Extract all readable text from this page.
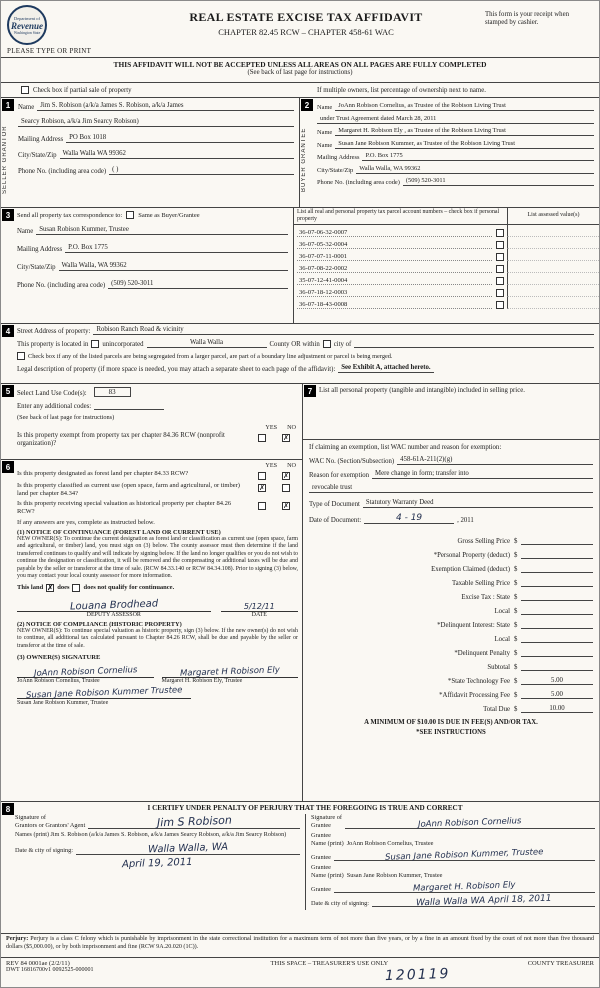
Department of
Revenue
Washington State
PLEASE TYPE OR PRINT
REAL ESTATE EXCISE TAX AFFIDAVIT
CHAPTER 82.45 RCW – CHAPTER 458-61 WAC
This form is your receipt when stamped by cashier.
THIS AFFIDAVIT WILL NOT BE ACCEPTED UNLESS ALL AREAS ON ALL PAGES ARE FULLY COMPLETED
(See back of last page for instructions)
Check box if partial sale of property	If multiple owners, list percentage of ownership next to name.
1
SELLER GRANTOR
Name Jim S. Robison (a/k/a James S. Robison, a/k/a James
Searcy Robison, a/k/a Jim Searcy Robison)
Mailing Address PO Box 1018
City/State/Zip Walla Walla WA 99362
Phone No. (including area code) ( )
2
BUYER GRANTEE
Name JoAnn Robison Cornelius, as Trustee of the Robison Living Trust
under Trust Agreement dated March 28, 2011
Name Margaret H. Robison Ely , as Trustee of the Robison Living Trust
Name Susan Jane Robison Kummer, as Trustee of the Robison Living Trust
Mailing Address P.O. Box 1775
City/State/Zip Walla Walla, WA 99362
Phone No. (including area code) (509) 520-3011
3	Send all property tax correspondence to: Same as Buyer/Grantee
Name Susan Robison Kummer, Trustee
Mailing Address P.O. Box 1775
City/State/Zip Walla Walla, WA 99362
Phone No. (including area code) (509) 520-3011
List all real and personal property tax parcel account numbers – check box if personal property
List assessed value(s)
36-07-06-32-0007
36-07-05-32-0004
36-07-07-11-0001
36-07-08-22-0002
35-07-12-41-0004
36-07-18-12-0003
36-07-18-43-0008
4 Street Address of property: Robison Ranch Road & vicinity
This property is located in unincorporated	Walla Walla	County OR within city of
Check box if any of the listed parcels are being segregated from a larger parcel, are part of a boundary line adjustment or parcel is being merged.
Legal description of property (if more space is needed, you may attach a separate sheet to each page of the affidavit): See Exhibit A, attached hereto.
5 Select Land Use Code(s):	83
Enter any additional codes:
(See back of last page for instructions)
YES NO
Is this property exempt from property tax per chapter 84.36 RCW (nonprofit organization)?
✗
6	YES NO
Is this property designated as forest land per chapter 84.33 RCW?	✗
Is this property classified as current use (open space, farm and agricultural, or timber) land per chapter 84.34?
✗
Is this property receiving special valuation as historical property per chapter 84.26 RCW?
✗
If any answers are yes, complete as instructed below.
(1) NOTICE OF CONTINUANCE (FOREST LAND OR CURRENT USE)
NEW OWNER(S): To continue the current designation as forest land or classification as current use (open space, farm and agricultural, or timber) land, you must sign on (3) below. The county assessor must then determine if the land transferred continues to qualify and will indicate by signing below. If the land no longer qualifies or you do not wish to continue the designation or classification, it will be removed and the compensating or additional taxes will be due and payable by the seller or transferor at the time of sale. (RCW 84.33.140 or RCW 84.34.108). Prior to signing (3) below, you may contact your local county assessor for more information.
This land ✗ does does not qualify for continuance.
Louana Brodhead	5/12/11
DEPUTY ASSESSOR	DATE
(2) NOTICE OF COMPLIANCE (HISTORIC PROPERTY)
NEW OWNER(S): To continue special valuation as historic property, sign (3) below. If the new owner(s) do not wish to continue, all additional tax calculated pursuant to Chapter 84.26 RCW, shall be due and payable by the seller or transferor at the time of sale.
(3) OWNER(S) SIGNATURE
JoAnn Robison Cornelius	Margaret H Robison Ely
JoAnn Robison Cornelius, Trustee	Margaret H. Robison Ely, Trustee
Susan Jane Robison Kummer Trustee
Susan Jane Robison Kummer, Trustee
7 List all personal property (tangible and intangible) included in selling price.
If claiming an exemption, list WAC number and reason for exemption:
WAC No. (Section/Subsection) 458-61A-211(2)(g)
Reason for exemption Mere change in form; transfer into
revocable trust
Type of Document Statutory Warranty Deed
Date of Document:	4 - 19	, 2011
Gross Selling Price $
*Personal Property (deduct) $
Exemption Claimed (deduct) $
Taxable Selling Price $
Excise Tax : State $
Local $
*Delinquent Interest: State $
Local $
*Delinquent Penalty $
Subtotal $
*State Technology Fee $	5.00
*Affidavit Processing Fee $	5.00
Total Due $	10.00
A MINIMUM OF $10.00 IS DUE IN FEE(S) AND/OR TAX.
*SEE INSTRUCTIONS
8	I CERTIFY UNDER PENALTY OF PERJURY THAT THE FOREGOING IS TRUE AND CORRECT
Signature of
Grantors or Grantors' Agent	Jim S Robison
Names (print) Jim S. Robison (a/k/a James S. Robison, a/k/a James Searcy Robison, a/k/a Jim Searcy Robison)
Date & city of signing:	Walla Walla, WA
April 19, 2011
Signature of
Grantee	JoAnn Robison Cornelius
Grantee
Name (print) JoAnn Robison Cornelius, Trustee
Grantee	Susan Jane Robison Kummer, Trustee
Grantee
Name (print) Susan Jane Robison Kummer, Trustee
Grantee	Margaret H. Robison Ely
Date & city of signing:	Walla Walla WA April 18, 2011
Perjury: Perjury is a class C felony which is punishable by imprisonment in the state correctional institution for a maximum term of not more than five years, or by a fine in an amount fixed by the court of not more than five thousand dollars ($5,000.00), or by both imprisonment and fine (RCW 9A.20.020 (1C)).
REV 84 0001ae (2/2/11)	THIS SPACE – TREASURER'S USE ONLY	COUNTY TREASURER
DWT 16816700v1 0092525-000001	120119
